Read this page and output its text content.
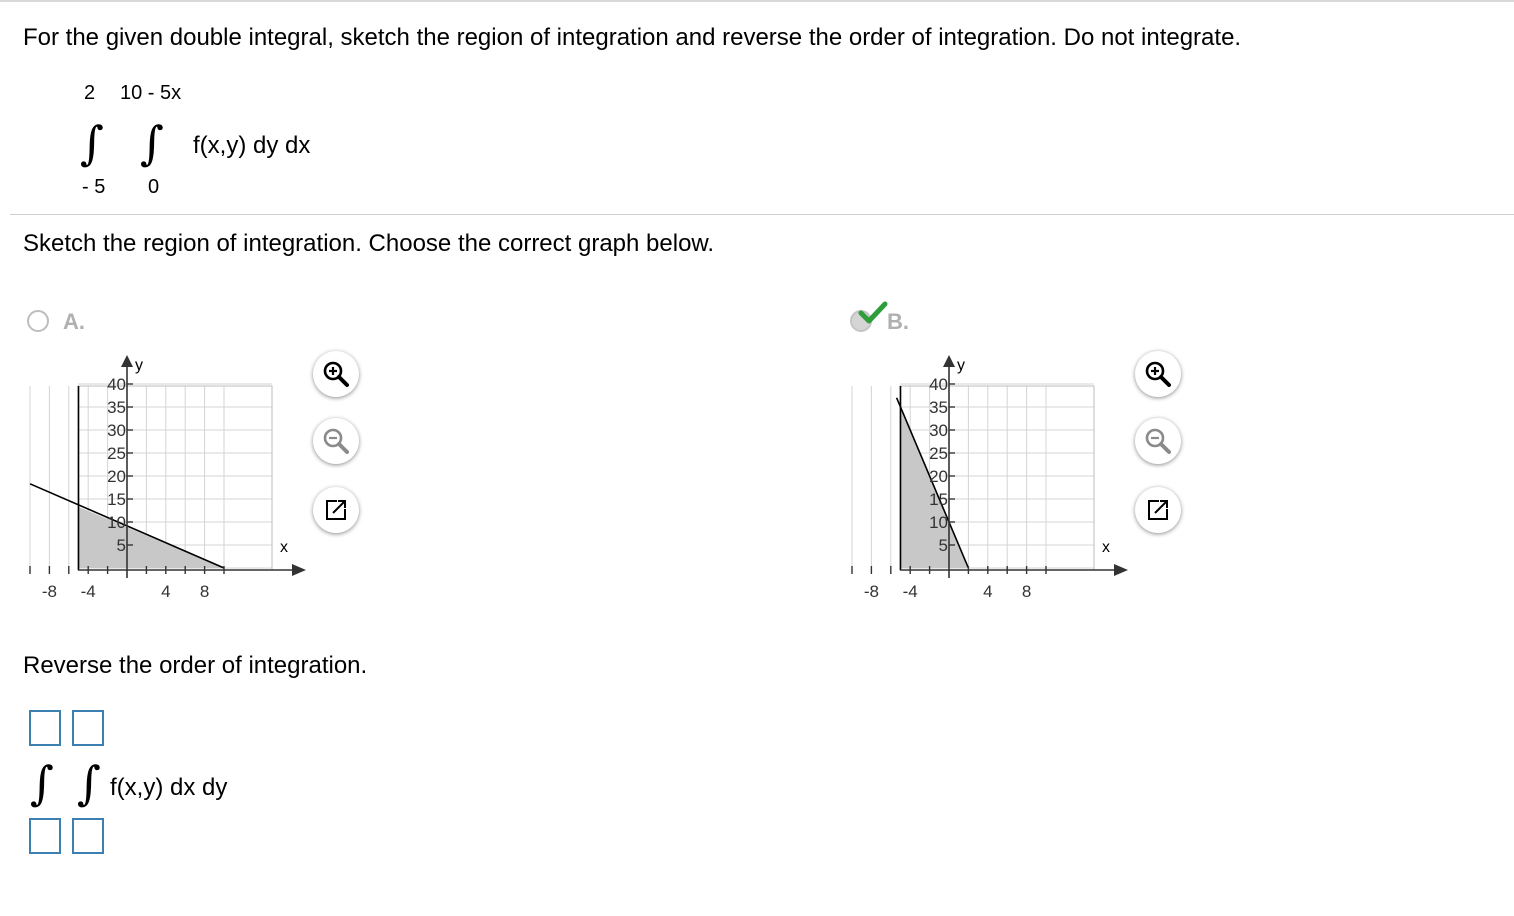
For the given double integral, sketch the region of integration and reverse the order of integration. Do not integrate.
2 10 - 5x
∫ ∫ f(x,y) dy dx
- 5 0
Sketch the region of integration. Choose the correct graph below.
A.
y
x
40
35
30
25
20
15
10
5
-8 -4	4 8
B.
y
x
40
35
30
25
20
15
10
5
-8 -4	4 8
Reverse the order of integration.
∫ ∫ f(x,y) dx dy
